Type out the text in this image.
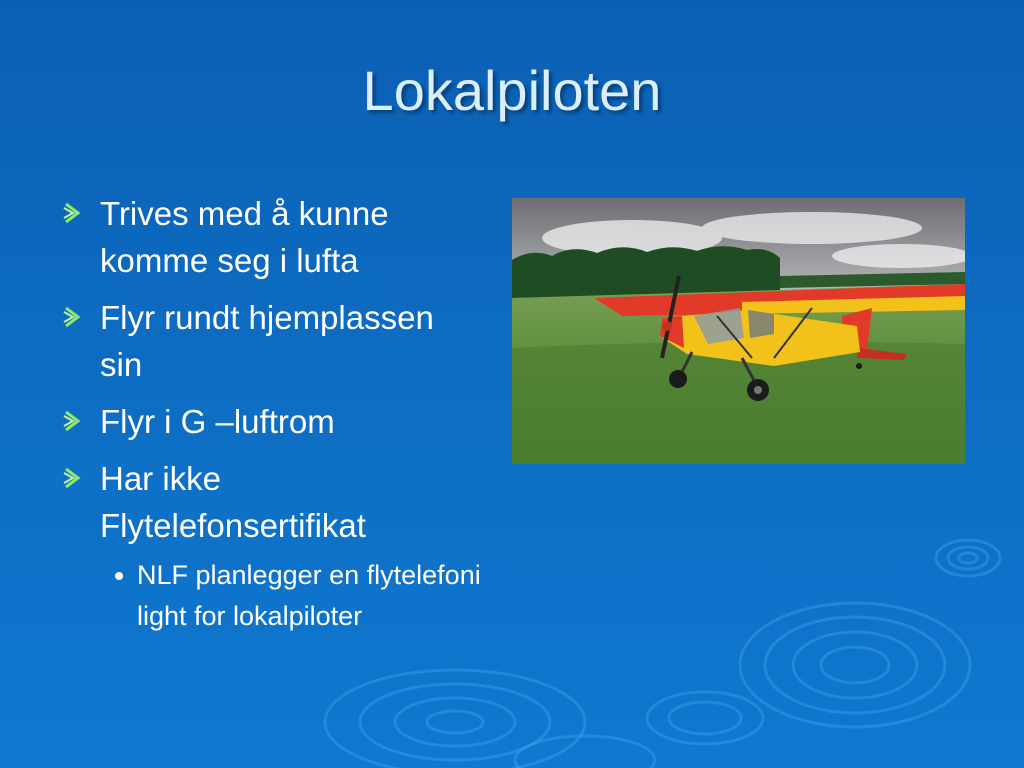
Lokalpiloten
Trives med å kunne komme seg i lufta
Flyr rundt hjemplassen sin
Flyr i G –luftrom
Har ikke Flytelefonsertifikat
NLF planlegger en flytelefoni light for lokalpiloter
